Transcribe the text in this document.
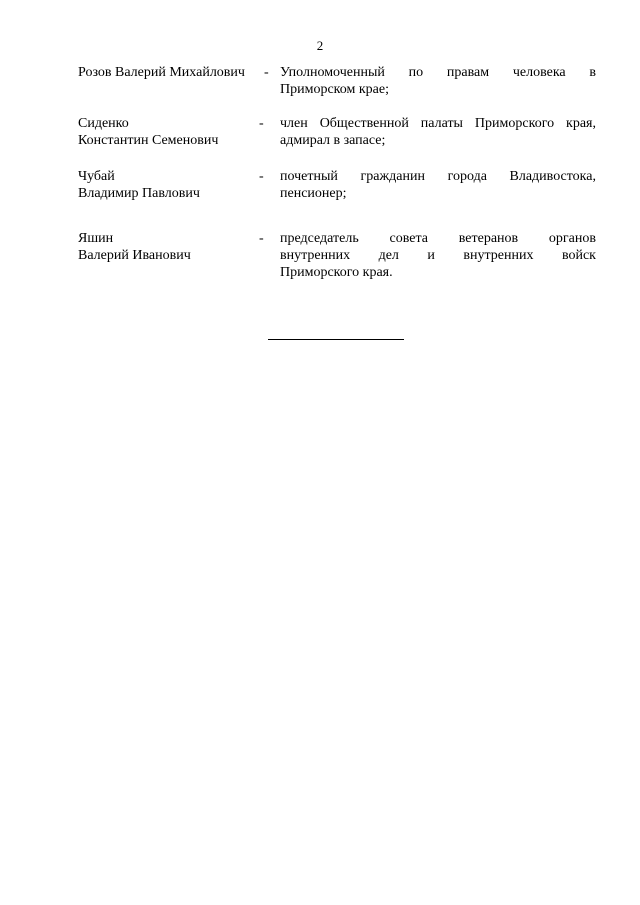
2
Розов Валерий Михайлович	- Уполномоченный по правам человека в
Приморском крае;
Сиденко
Константин Семенович
- член Общественной палаты Приморского края,
адмирал в запасе;
Чубай
Владимир Павлович
- почетный гражданин города Владивостока,
пенсионер;
Яшин
Валерий Иванович
- председатель совета ветеранов органов
внутренних дел и внутренних войск
Приморского края.
